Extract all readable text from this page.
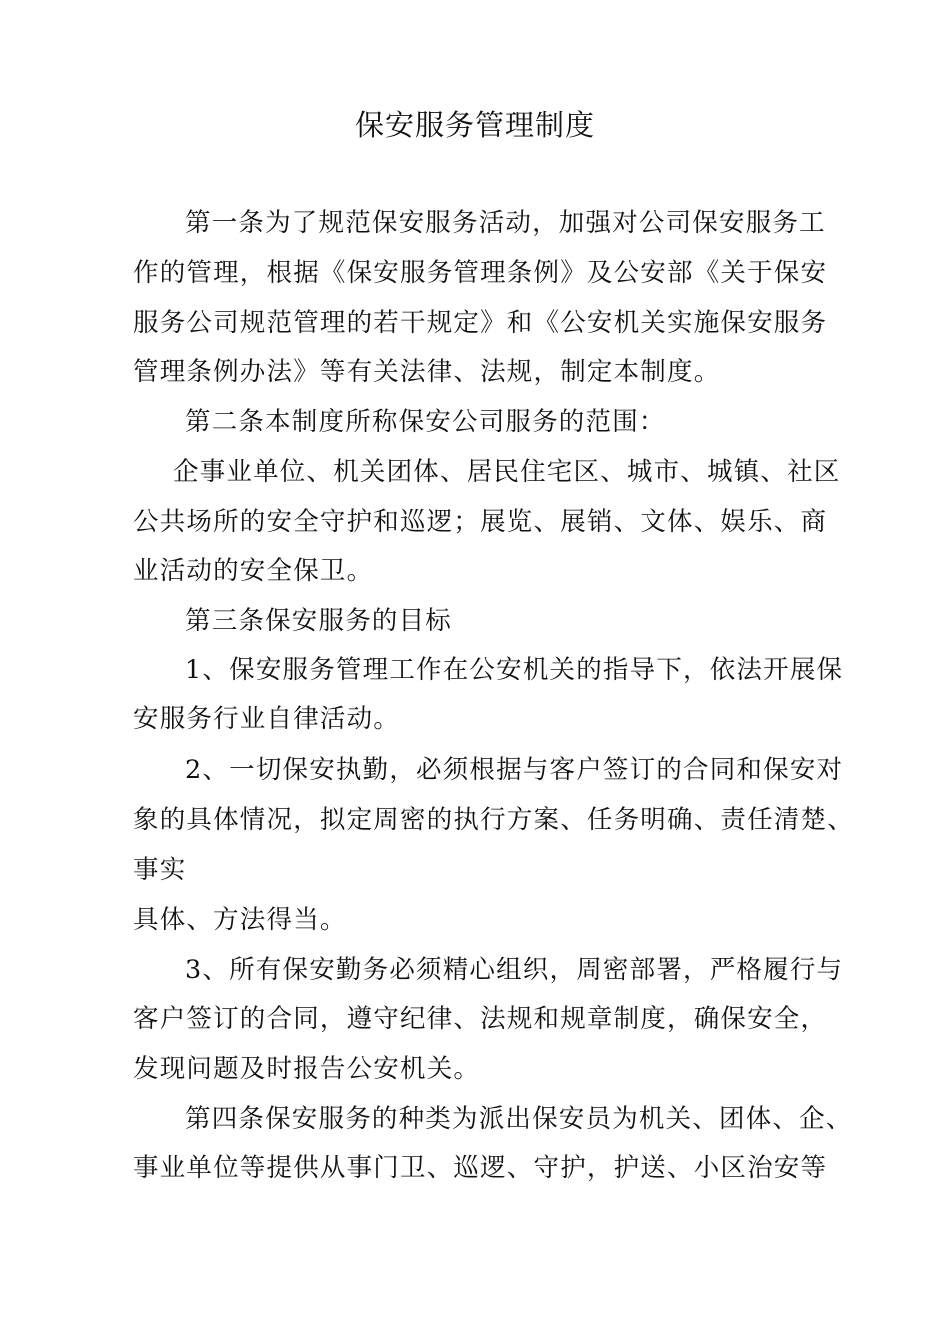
保安服务管理制度
第一条为了规范保安服务活动，加强对公司保安服务工
作的管理，根据《保安服务管理条例》及公安部《关于保安
服务公司规范管理的若干规定》和《公安机关实施保安服务
管理条例办法》等有关法律、法规，制定本制度。
第二条本制度所称保安公司服务的范围：
企事业单位、机关团体、居民住宅区、城市、城镇、社区
公共场所的安全守护和巡逻；展览、展销、文体、娱乐、商
业活动的安全保卫。
第三条保安服务的目标
1、保安服务管理工作在公安机关的指导下，依法开展保
安服务行业自律活动。
2、一切保安执勤，必须根据与客户签订的合同和保安对
象的具体情况，拟定周密的执行方案、任务明确、责任清楚、
事实
具体、方法得当。
3、所有保安勤务必须精心组织，周密部署，严格履行与
客户签订的合同，遵守纪律、法规和规章制度，确保安全，
发现问题及时报告公安机关。
第四条保安服务的种类为派出保安员为机关、团体、企、
事业单位等提供从事门卫、巡逻、守护，护送、小区治安等
